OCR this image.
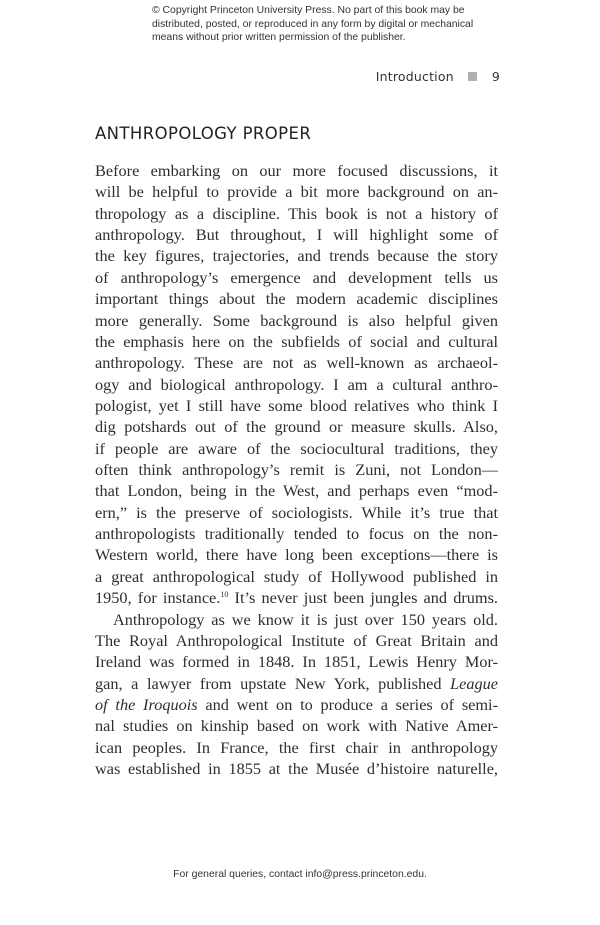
© Copyright Princeton University Press. No part of this book may be
distributed, posted, or reproduced in any form by digital or mechanical
means without prior written permission of the publisher.
Introduction	9
ANTHROPOLOGY PROPER
Before embarking on our more focused discussions, it
will be helpful to provide a bit more background on an-
thropology as a discipline. This book is not a history of
anthropology. But throughout, I will highlight some of
the key figures, trajectories, and trends because the story
of anthropology’s emergence and development tells us
important things about the modern academic disciplines
more generally. Some background is also helpful given
the emphasis here on the subfields of social and cultural
anthropology. These are not as well-known as archaeol-
ogy and biological anthropology. I am a cultural anthro-
pologist, yet I still have some blood relatives who think I
dig potshards out of the ground or measure skulls. Also,
if people are aware of the sociocultural traditions, they
often think anthropology’s remit is Zuni, not London—
that London, being in the West, and perhaps even “mod-
ern,” is the preserve of sociologists. While it’s true that
anthropologists traditionally tended to focus on the non-
Western world, there have long been exceptions—there is
a great anthropological study of Hollywood published in
1950, for instance.$^{10}$ It’s never just been jungles and drums.
Anthropology as we know it is just over 150 years old.
The Royal Anthropological Institute of Great Britain and
Ireland was formed in 1848. In 1851, Lewis Henry Mor-
gan, a lawyer from upstate New York, published League
of the Iroquois and went on to produce a series of semi-
nal studies on kinship based on work with Native Amer-
ican peoples. In France, the first chair in anthropology
was established in 1855 at the Musée d’histoire naturelle,
For general queries, contact info@press.princeton.edu.
